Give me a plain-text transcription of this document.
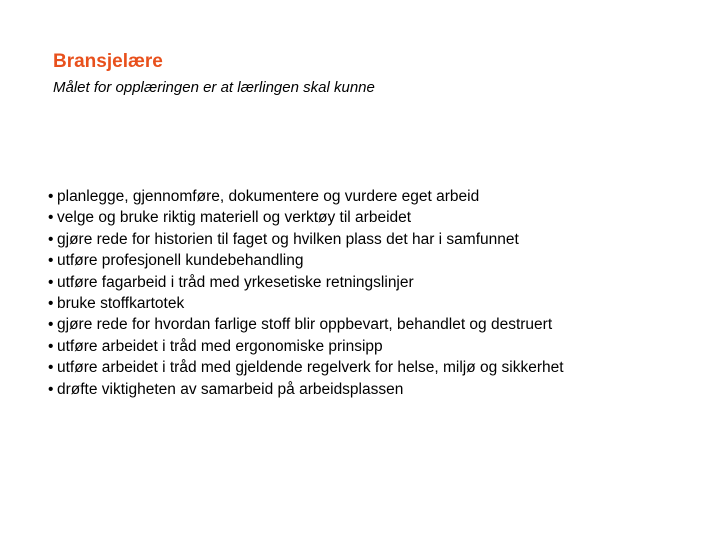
Bransjelære

Målet for opplæringen er at lærlingen skal kunne

• planlegge, gjennomføre, dokumentere og vurdere eget arbeid
• velge og bruke riktig materiell og verktøy til arbeidet
• gjøre rede for historien til faget og hvilken plass det har i samfunnet
• utføre profesjonell kundebehandling
• utføre fagarbeid i tråd med yrkesetiske retningslinjer
• bruke stoffkartotek
• gjøre rede for hvordan farlige stoff blir oppbevart, behandlet og destruert
• utføre arbeidet i tråd med ergonomiske prinsipp
• utføre arbeidet i tråd med gjeldende regelverk for helse, miljø og sikkerhet
• drøfte viktigheten av samarbeid på arbeidsplassen
